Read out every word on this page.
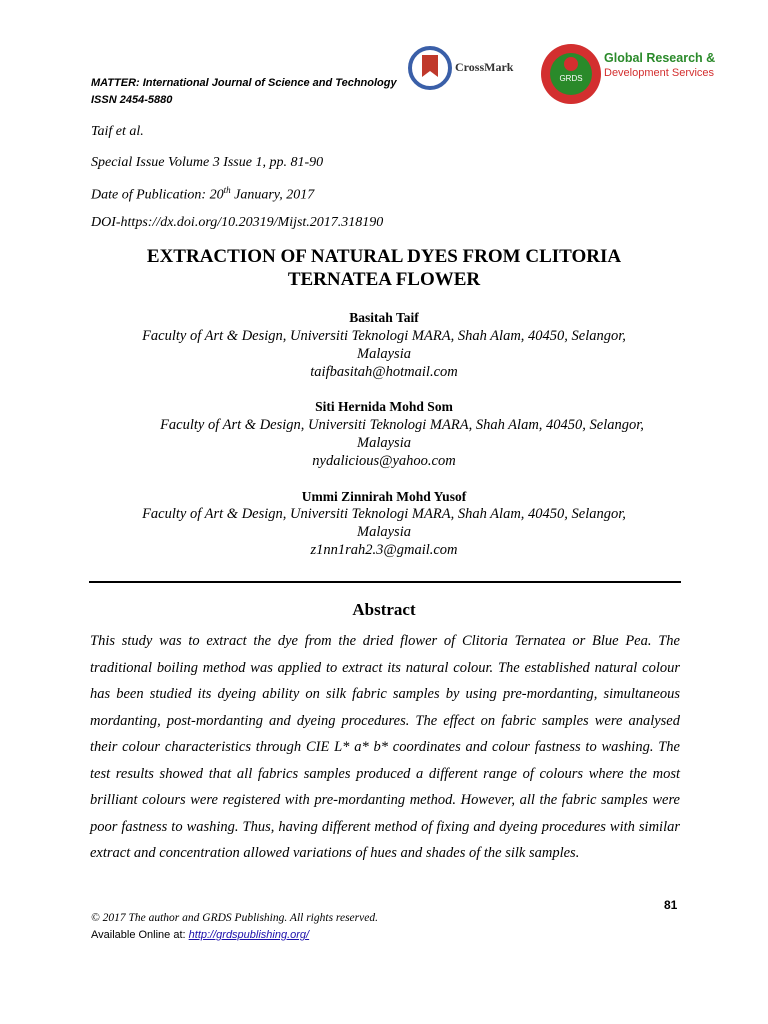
MATTER: International Journal of Science and Technology
ISSN 2454-5880
CrossMark
GRDS
Global Research &
Development Services
Taif et al.
Special Issue Volume 3 Issue 1, pp. 81-90
Date of Publication: 20th January, 2017
DOI-https://dx.doi.org/10.20319/Mijst.2017.318190
EXTRACTION OF NATURAL DYES FROM CLITORIA
TERNATEA FLOWER
Basitah Taif
Faculty of Art & Design, Universiti Teknologi MARA, Shah Alam, 40450, Selangor,
Malaysia
taifbasitah@hotmail.com
Siti Hernida Mohd Som
Faculty of Art & Design, Universiti Teknologi MARA, Shah Alam, 40450, Selangor,
Malaysia
nydalicious@yahoo.com
Ummi Zinnirah Mohd Yusof
Faculty of Art & Design, Universiti Teknologi MARA, Shah Alam, 40450, Selangor,
Malaysia
z1nn1rah2.3@gmail.com
Abstract
This study was to extract the dye from the dried flower of Clitoria Ternatea or Blue Pea. The traditional boiling method was applied to extract its natural colour. The established natural colour has been studied its dyeing ability on silk fabric samples by using pre-mordanting, simultaneous mordanting, post-mordanting and dyeing procedures. The effect on fabric samples were analysed their colour characteristics through CIE L* a* b* coordinates and colour fastness to washing. The test results showed that all fabrics samples produced a different range of colours where the most brilliant colours were registered with pre-mordanting method. However, all the fabric samples were poor fastness to washing. Thus, having different method of fixing and dyeing procedures with similar extract and concentration allowed variations of hues and shades of the silk samples.
81
© 2017 The author and GRDS Publishing. All rights reserved.
Available Online at: http://grdspublishing.org/
